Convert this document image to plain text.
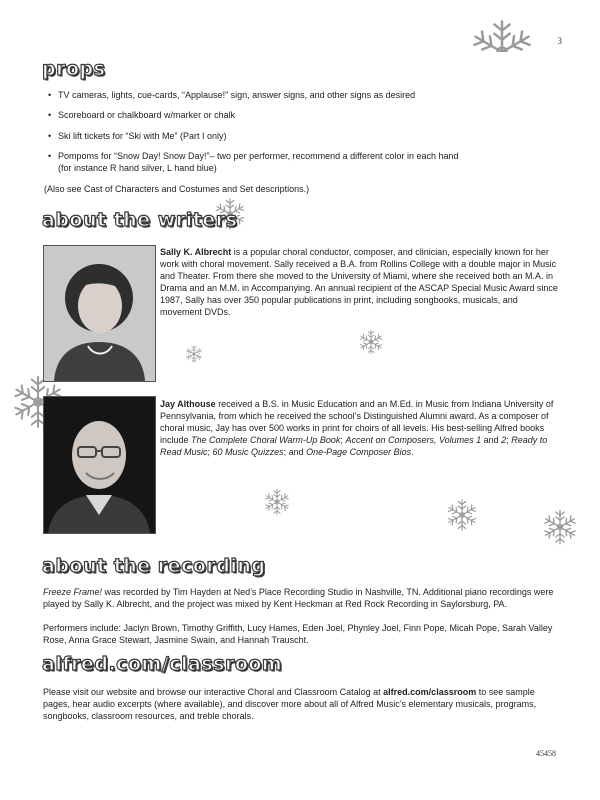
3
props
• TV cameras, lights, cue-cards, “Applause!” sign, answer signs, and other signs as desired
• Scoreboard or chalkboard w/marker or chalk
• Ski lift tickets for “Ski with Me” (Part I only)
• Pompoms for “Snow Day! Snow Day!”– two per performer, recommend a different color in each hand
(for instance R hand silver, L hand blue)
(Also see Cast of Characters and Costumes and Set descriptions.)
about the writers

Sally K. Albrecht is a popular choral conductor, composer, and clinician, especially known for her work with choral movement. Sally received a B.A. from Rollins College with a double major in Music and Theater. From there she moved to the University of Miami, where she received both an M.A. in Drama and an M.M. in Accompanying. An annual recipient of the ASCAP Special Music Award since 1987, Sally has over 350 popular publications in print, including songbooks, musicals, and movement DVDs.

Jay Althouse received a B.S. in Music Education and an M.Ed. in Music from Indiana University of Pennsylvania, from which he received the school’s Distinguished Alumni award. As a composer of choral music, Jay has over 500 works in print for choirs of all levels. His best-selling Alfred books include The Complete Choral Warm-Up Book; Accent on Composers, Volumes 1 and 2; Ready to Read Music; 60 Music Quizzes; and One-Page Composer Bios.

about the recording

Freeze Frame! was recorded by Tim Hayden at Ned’s Place Recording Studio in Nashville, TN. Additional piano recordings were played by Sally K. Albrecht, and the project was mixed by Kent Heckman at Red Rock Recording in Saylorsburg, PA.

Performers include: Jaclyn Brown, Timothy Griffith, Lucy Hames, Eden Joel, Phynley Joel, Finn Pope, Micah Pope, Sarah Valley Rose, Anna Grace Stewart, Jasmine Swain, and Hannah Trauscht.

alfred.com/classroom

Please visit our website and browse our interactive Choral and Classroom Catalog at alfred.com/classroom to see sample pages, hear audio excerpts (where available), and discover more about all of Alfred Music’s elementary musicals, programs, songbooks, classroom resources, and treble chorals.

45458
